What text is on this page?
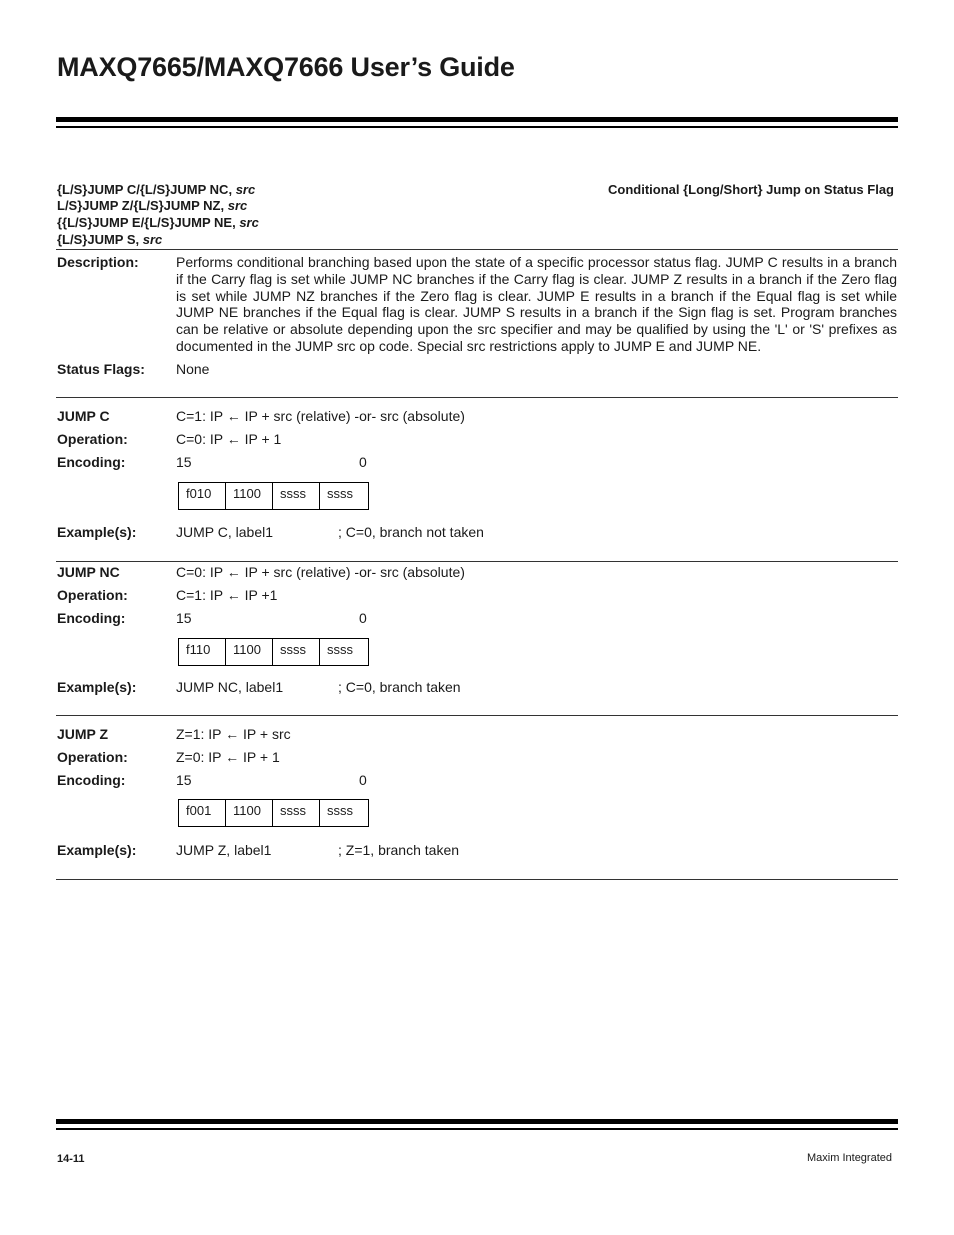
MAXQ7665/MAXQ7666 User’s Guide
{L/S}JUMP C/{L/S}JUMP NC, src
L/S}JUMP Z/{L/S}JUMP NZ, src
{{L/S}JUMP E/{L/S}JUMP NE, src
{L/S}JUMP S, src
Conditional {Long/Short} Jump on Status Flag
Description:	Performs conditional branching based upon the state of a specific processor status flag. JUMP C results in a branch if the Carry flag is set while JUMP NC branches if the Carry flag is clear. JUMP Z results in a branch if the Zero flag is set while JUMP NZ branches if the Zero flag is clear. JUMP E results in a branch if the Equal flag is set while JUMP NE branches if the Equal flag is clear. JUMP S results in a branch if the Sign flag is set. Program branches can be relative or absolute depending upon the src specifier and may be qualified by using the 'L' or 'S' prefixes as documented in the JUMP src op code. Special src restrictions apply to JUMP E and JUMP NE.
Status Flags: None
JUMP C	C=1: IP ← IP + src (relative) -or- src (absolute)
Operation:	C=0: IP ← IP + 1
Encoding:	15	0
f010	1100	ssss	ssss
Example(s):	JUMP C, label1	; C=0, branch not taken
JUMP NC	C=0: IP ← IP + src (relative) -or- src (absolute)
Operation:	C=1: IP ← IP +1
Encoding:	15	0
f110	1100	ssss	ssss
Example(s):	JUMP NC, label1	; C=0, branch taken
JUMP Z	Z=1: IP ← IP + src
Operation:	Z=0: IP ← IP + 1
Encoding:	15	0
f001	1100	ssss	ssss
Example(s):	JUMP Z, label1	; Z=1, branch taken
14-11	Maxim Integrated
